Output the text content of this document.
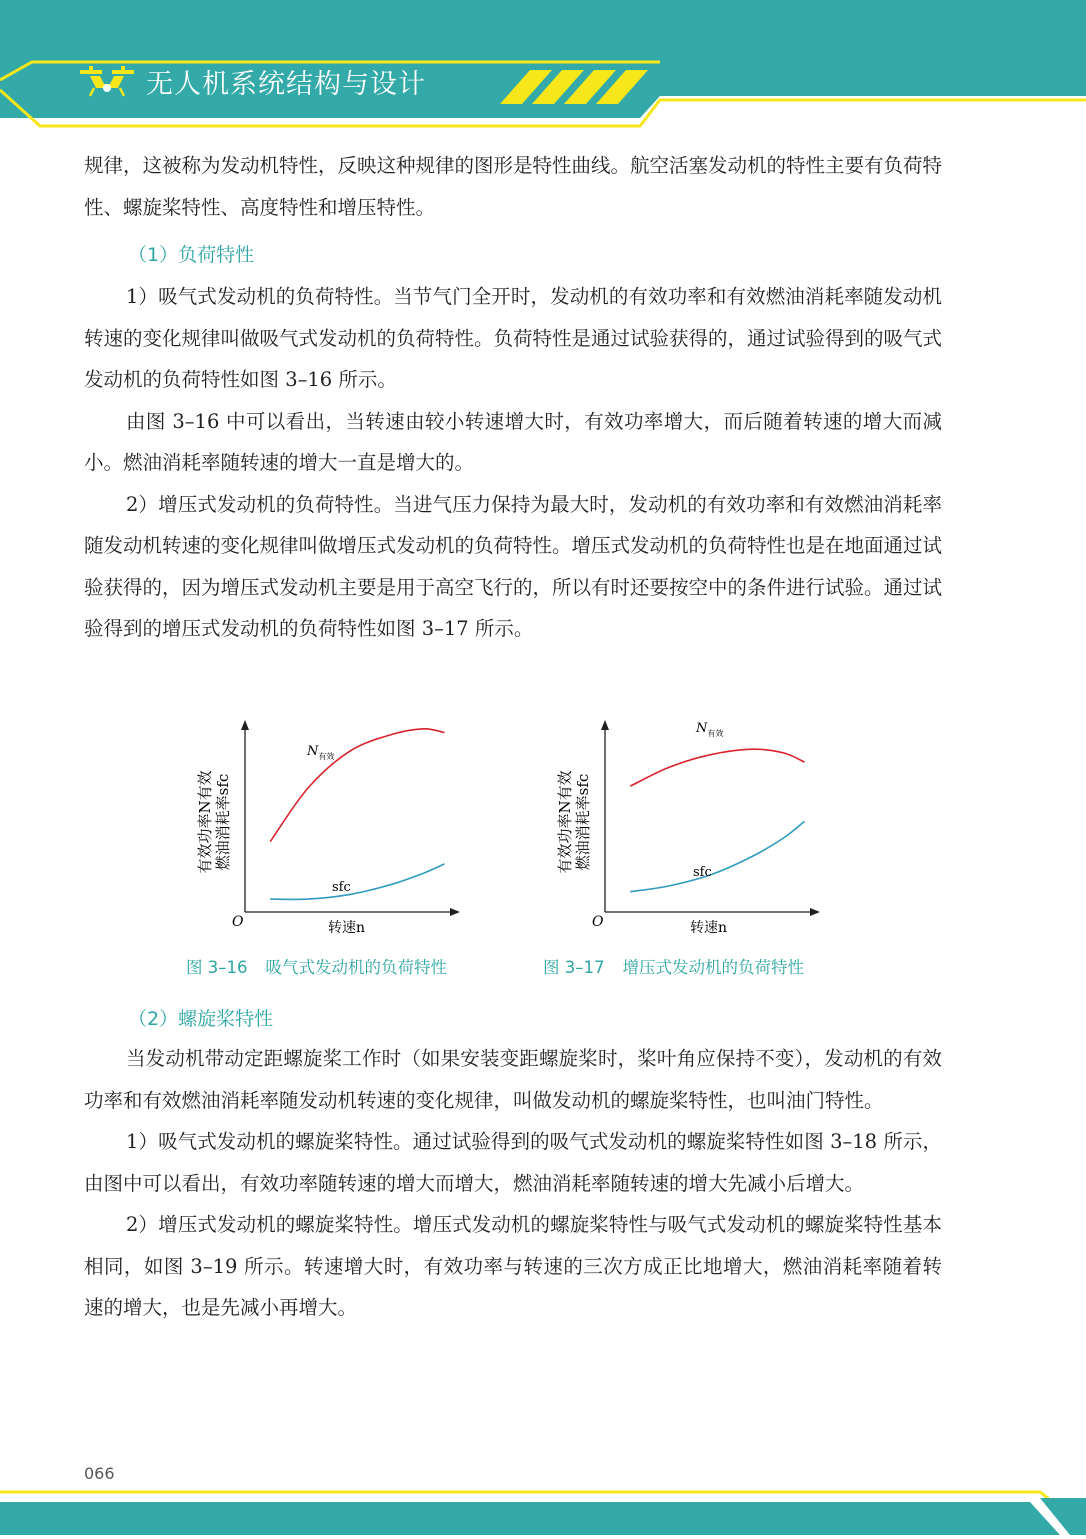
无人机系统结构与设计

规律，这被称为发动机特性，反映这种规律的图形是特性曲线。航空活塞发动机的特性主要有负荷特性、螺旋桨特性、高度特性和增压特性。

（1）负荷特性

1）吸气式发动机的负荷特性。当节气门全开时，发动机的有效功率和有效燃油消耗率随发动机转速的变化规律叫做吸气式发动机的负荷特性。负荷特性是通过试验获得的，通过试验得到的吸气式发动机的负荷特性如图 3–16 所示。

由图 3–16 中可以看出，当转速由较小转速增大时，有效功率增大，而后随着转速的增大而减小。燃油消耗率随转速的增大一直是增大的。

2）增压式发动机的负荷特性。当进气压力保持为最大时，发动机的有效功率和有效燃油消耗率随发动机转速的变化规律叫做增压式发动机的负荷特性。增压式发动机的负荷特性也是在地面通过试验获得的，因为增压式发动机主要是用于高空飞行的，所以有时还要按空中的条件进行试验。通过试验得到的增压式发动机的负荷特性如图 3–17 所示。

O	转速n
有效功率N有效 燃油消耗率sfc
$N_{有效}$
sfc
图 3–16 吸气式发动机的负荷特性
O	转速n
有效功率N有效 燃油消耗率sfc
$N_{有效}$
sfc
图 3–17 增压式发动机的负荷特性
（2）螺旋桨特性

当发动机带动定距螺旋桨工作时（如果安装变距螺旋桨时，桨叶角应保持不变），发动机的有效功率和有效燃油消耗率随发动机转速的变化规律，叫做发动机的螺旋桨特性，也叫油门特性。

1）吸气式发动机的螺旋桨特性。通过试验得到的吸气式发动机的螺旋桨特性如图 3–18 所示，由图中可以看出，有效功率随转速的增大而增大，燃油消耗率随转速的增大先减小后增大。

2）增压式发动机的螺旋桨特性。增压式发动机的螺旋桨特性与吸气式发动机的螺旋桨特性基本相同，如图 3–19 所示。转速增大时，有效功率与转速的三次方成正比地增大，燃油消耗率随着转速的增大，也是先减小再增大。

066
